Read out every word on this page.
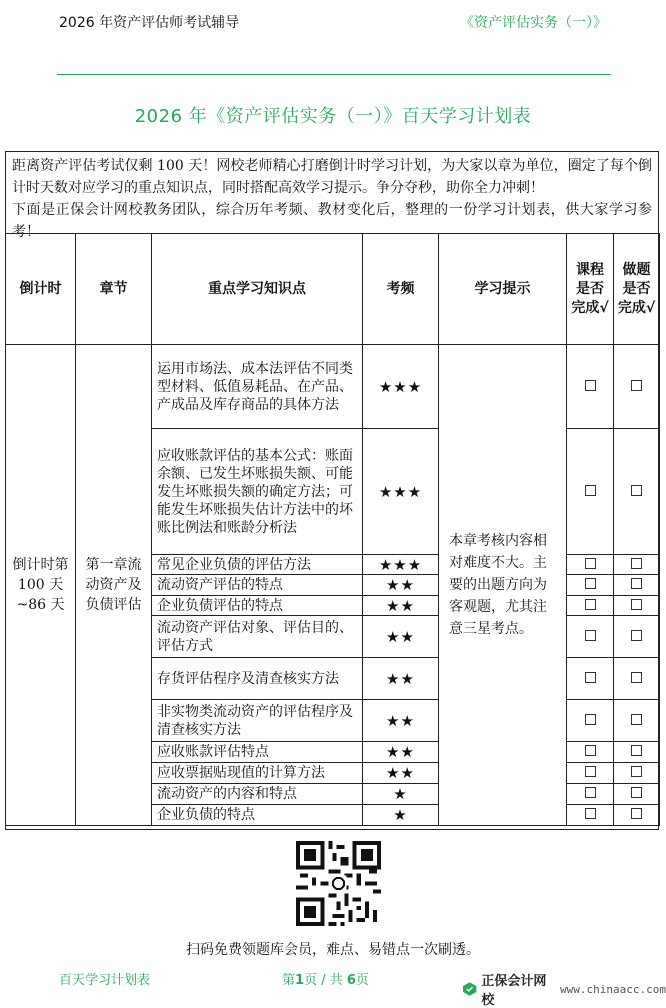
2026 年资产评估师考试辅导	《资产评估实务（一）》
2026 年《资产评估实务（一）》百天学习计划表

距离资产评估考试仅剩 100 天！网校老师精心打磨倒计时学习计划，为大家以章为单位，圈定了每个倒计时天数对应学习的重点知识点，同时搭配高效学习提示。争分夺秒，助你全力冲刺！

下面是正保会计网校教务团队，综合历年考频、教材变化后，整理的一份学习计划表，供大家学习参考！

倒计时	章节	重点学习知识点	考频	学习提示	课程是否完成√	做题是否完成√
倒计时第 100 天~86 天	第一章流动资产及负债评估	运用市场法、成本法评估不同类型材料、低值易耗品、在产品、产成品及库存商品的具体方法	★★★	本章考核内容相对难度不大。主要的出题方向为客观题，尤其注意三星考点。		
		应收账款评估的基本公式：账面余额、已发生坏账损失额、可能发生坏账损失额的确定方法；可能发生坏账损失估计方法中的坏账比例法和账龄分析法	★★★			
		常见企业负债的评估方法	★★★			
		流动资产评估的特点	★★			
		企业负债评估的特点	★★			
		流动资产评估对象、评估目的、评估方式	★★			
		存货评估程序及清查核实方法	★★			
		非实物类流动资产的评估程序及清查核实方法	★★			
		应收账款评估特点	★★			
		应收票据贴现值的计算方法	★★			
		流动资产的内容和特点	★			
		企业负债的特点	★			
扫码免费领题库会员，难点、易错点一次刷透。
百天学习计划表	第1页 / 共 6页	正保会计网校
www.chinaacc.com
